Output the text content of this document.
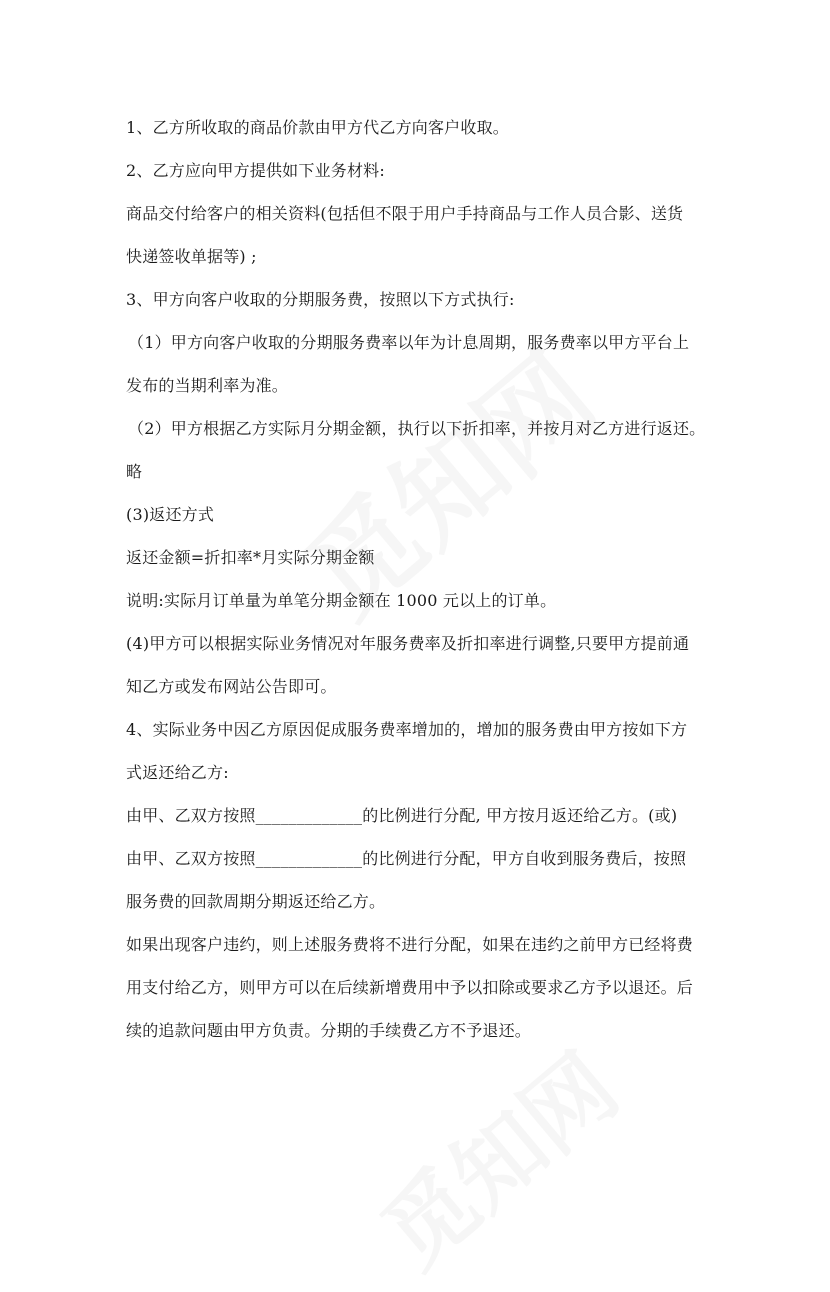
1、乙方所收取的商品价款由甲方代乙方向客户收取。
2、乙方应向甲方提供如下业务材料:
商品交付给客户的相关资料(包括但不限于用户手持商品与工作人员合影、送货
快递签收单据等) ;
3、甲方向客户收取的分期服务费，按照以下方式执行:
（1）甲方向客户收取的分期服务费率以年为计息周期，服务费率以甲方平台上
发布的当期利率为准。
（2）甲方根据乙方实际月分期金额，执行以下折扣率，并按月对乙方进行返还。
略
(3)返还方式
返还金额=折扣率*月实际分期金额
说明:实际月订单量为单笔分期金额在 1000 元以上的订单。
(4)甲方可以根据实际业务情况对年服务费率及折扣率进行调整,只要甲方提前通
知乙方或发布网站公告即可。
4、实际业务中因乙方原因促成服务费率增加的，增加的服务费由甲方按如下方
式返还给乙方:
由甲、乙双方按照_____________的比例进行分配, 甲方按月返还给乙方。(或)
由甲、乙双方按照_____________的比例进行分配，甲方自收到服务费后，按照
服务费的回款周期分期返还给乙方。
如果出现客户违约，则上述服务费将不进行分配，如果在违约之前甲方已经将费
用支付给乙方，则甲方可以在后续新增费用中予以扣除或要求乙方予以退还。后
续的追款问题由甲方负责。分期的手续费乙方不予退还。
